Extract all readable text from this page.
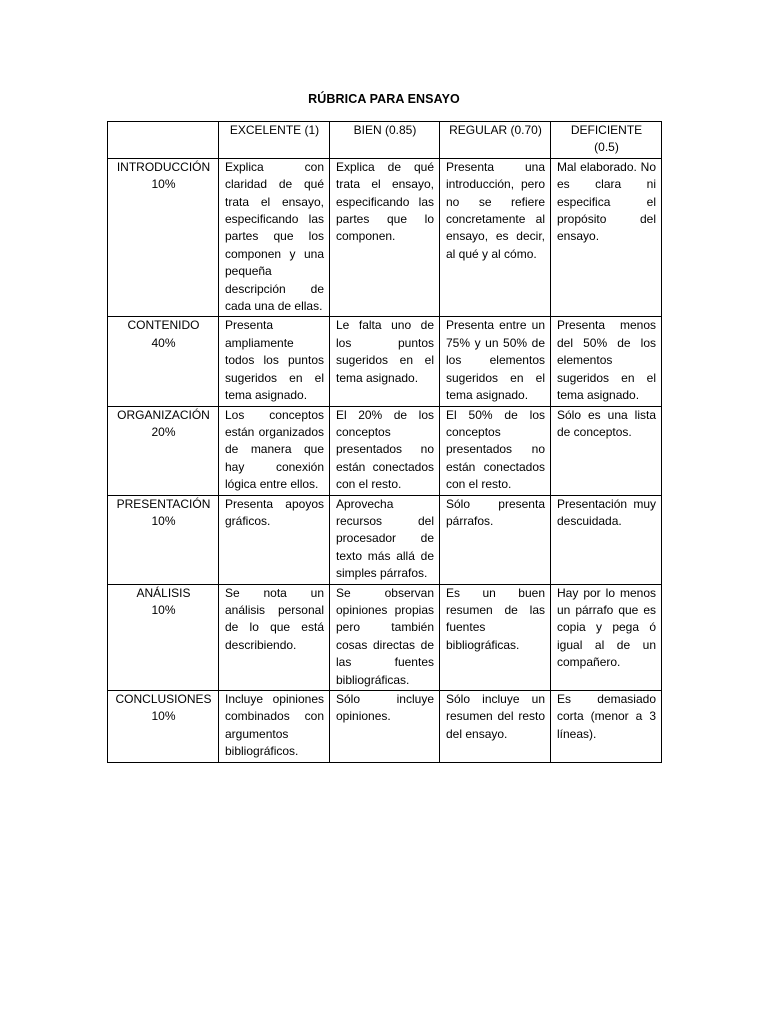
RÚBRICA PARA ENSAYO
	EXCELENTE (1)	BIEN (0.85)	REGULAR (0.70)	DEFICIENTE (0.5)

INTRODUCCIÓN
10%	Explica con claridad de qué trata el ensayo, especificando las partes que los componen y una pequeña descripción de cada una de ellas.	Explica de qué trata el ensayo, especificando las partes que lo componen.	Presenta una introducción, pero no se refiere concretamente al ensayo, es decir, al qué y al cómo.	Mal elaborado. No es clara ni especifica el propósito del ensayo.

CONTENIDO
40%	Presenta ampliamente todos los puntos sugeridos en el tema asignado.	Le falta uno de los puntos sugeridos en el tema asignado.	Presenta entre un 75% y un 50% de los elementos sugeridos en el tema asignado.	Presenta menos del 50% de los elementos sugeridos en el tema asignado.

ORGANIZACIÓN
20%	Los conceptos están organizados de manera que hay conexión lógica entre ellos.	El 20% de los conceptos presentados no están conectados con el resto.	El 50% de los conceptos presentados no están conectados con el resto.	Sólo es una lista de conceptos.

PRESENTACIÓN
10%	Presenta apoyos gráficos.	Aprovecha recursos del procesador de texto más allá de simples párrafos.	Sólo presenta párrafos.	Presentación muy descuidada.

ANÁLISIS
10%	Se nota un análisis personal de lo que está describiendo.	Se observan opiniones propias pero también cosas directas de las fuentes bibliográficas.	Es un buen resumen de las fuentes bibliográficas.	Hay por lo menos un párrafo que es copia y pega ó igual al de un compañero.

CONCLUSIONES
10%	Incluye opiniones combinados con argumentos bibliográficos.	Sólo incluye opiniones.	Sólo incluye un resumen del resto del ensayo.	Es demasiado corta (menor a 3 líneas).
